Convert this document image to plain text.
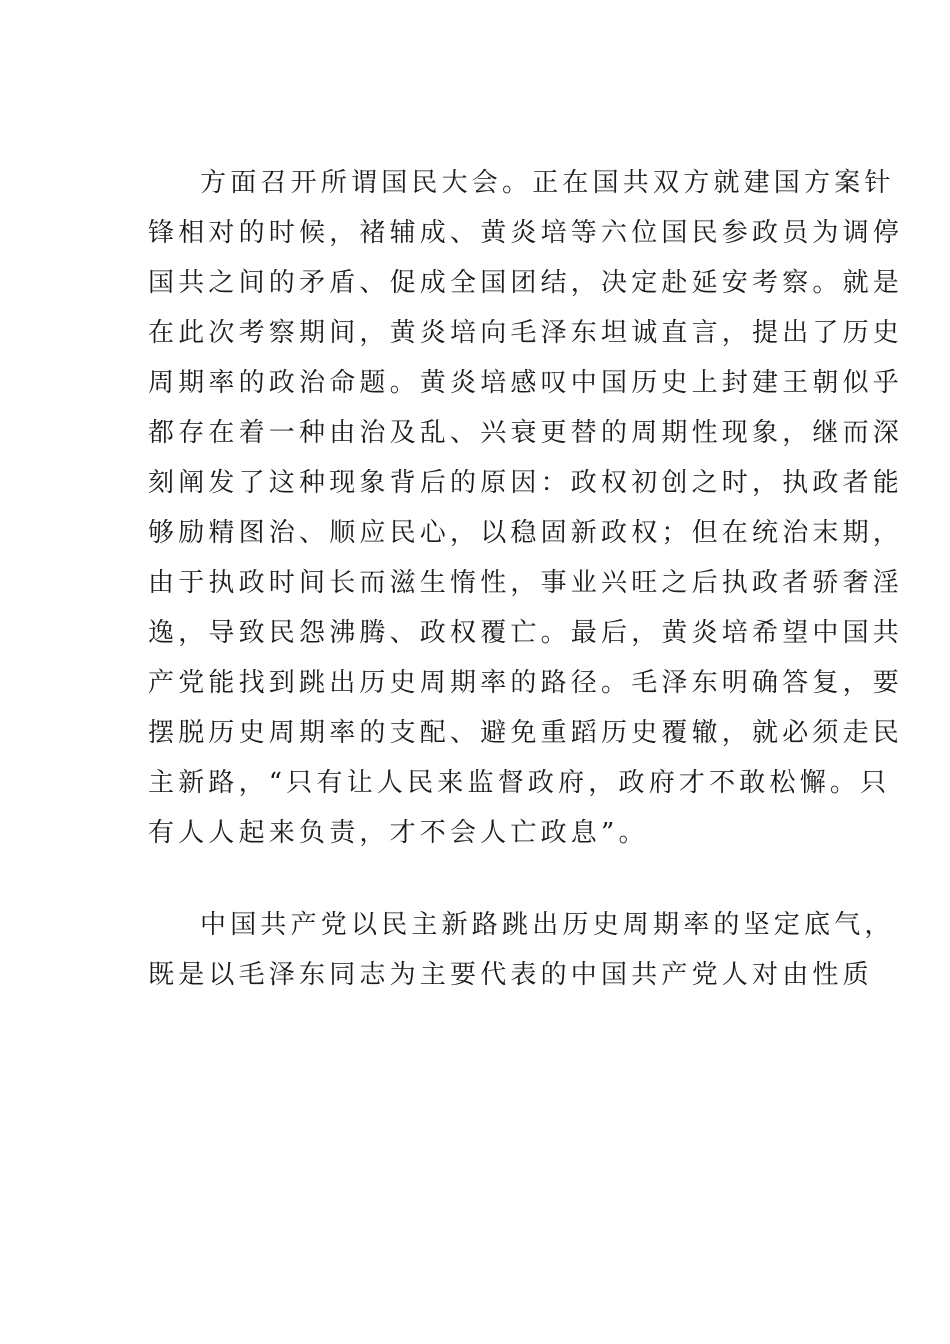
方面召开所谓国民大会。正在国共双方就建国方案针
锋相对的时候，褚辅成、黄炎培等六位国民参政员为调停
国共之间的矛盾、促成全国团结，决定赴延安考察。就是
在此次考察期间，黄炎培向毛泽东坦诚直言，提出了历史
周期率的政治命题。黄炎培感叹中国历史上封建王朝似乎
都存在着一种由治及乱、兴衰更替的周期性现象，继而深
刻阐发了这种现象背后的原因：政权初创之时，执政者能
够励精图治、顺应民心，以稳固新政权；但在统治末期，
由于执政时间长而滋生惰性，事业兴旺之后执政者骄奢淫
逸，导致民怨沸腾、政权覆亡。最后，黄炎培希望中国共
产党能找到跳出历史周期率的路径。毛泽东明确答复，要
摆脱历史周期率的支配、避免重蹈历史覆辙，就必须走民
主新路，“只有让人民来监督政府，政府才不敢松懈。只
有人人起来负责，才不会人亡政息”。
中国共产党以民主新路跳出历史周期率的坚定底气，
既是以毛泽东同志为主要代表的中国共产党人对由性质
